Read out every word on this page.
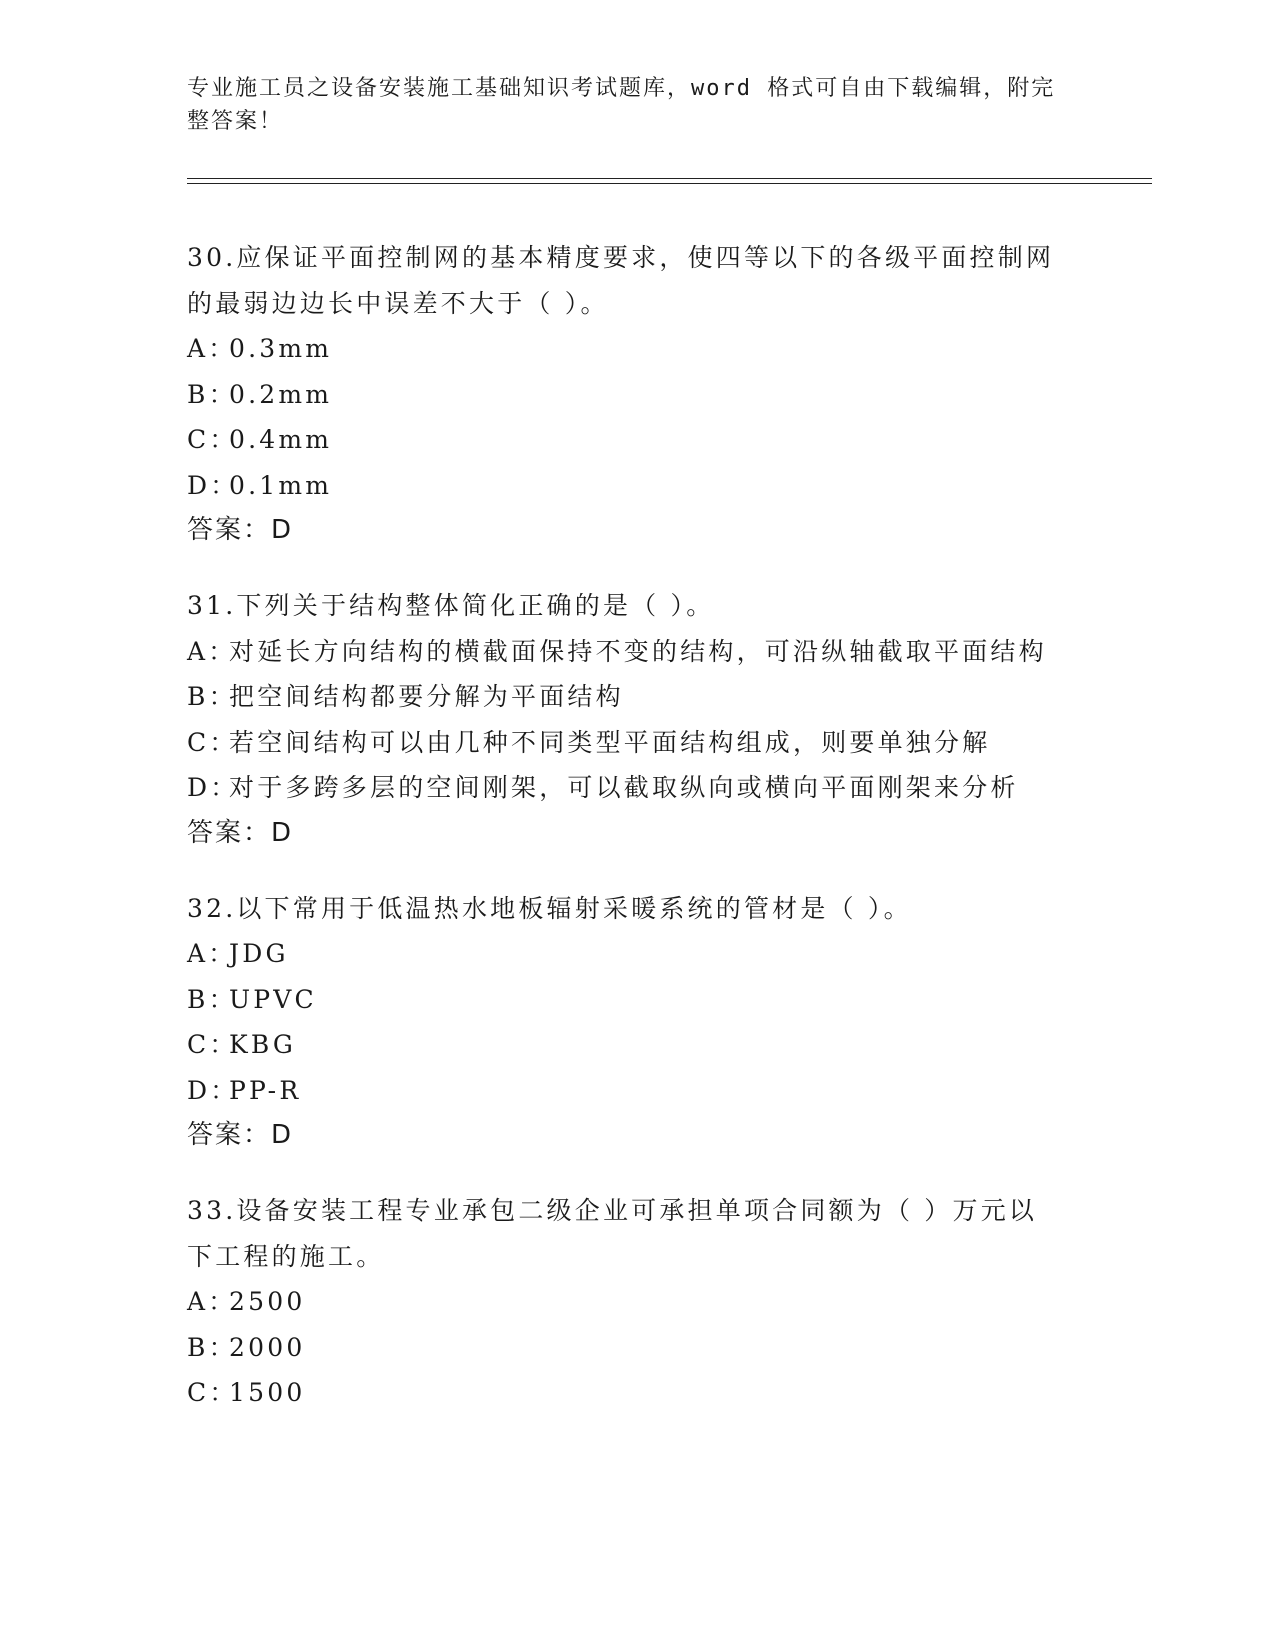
专业施工员之设备安装施工基础知识考试题库，word 格式可自由下载编辑，附完
整答案！
30.应保证平面控制网的基本精度要求，使四等以下的各级平面控制网
的最弱边边长中误差不大于（ ）。
A：0.3mm
B：0.2mm
C：0.4mm
D：0.1mm
答案：D
31.下列关于结构整体简化正确的是（ ）。
A：对延长方向结构的横截面保持不变的结构，可沿纵轴截取平面结构
B：把空间结构都要分解为平面结构
C：若空间结构可以由几种不同类型平面结构组成，则要单独分解
D：对于多跨多层的空间刚架，可以截取纵向或横向平面刚架来分析
答案：D
32.以下常用于低温热水地板辐射采暖系统的管材是（ ）。
A：JDG
B：UPVC
C：KBG
D：PP-R
答案：D
33.设备安装工程专业承包二级企业可承担单项合同额为（ ）万元以
下工程的施工。
A：2500
B：2000
C：1500
